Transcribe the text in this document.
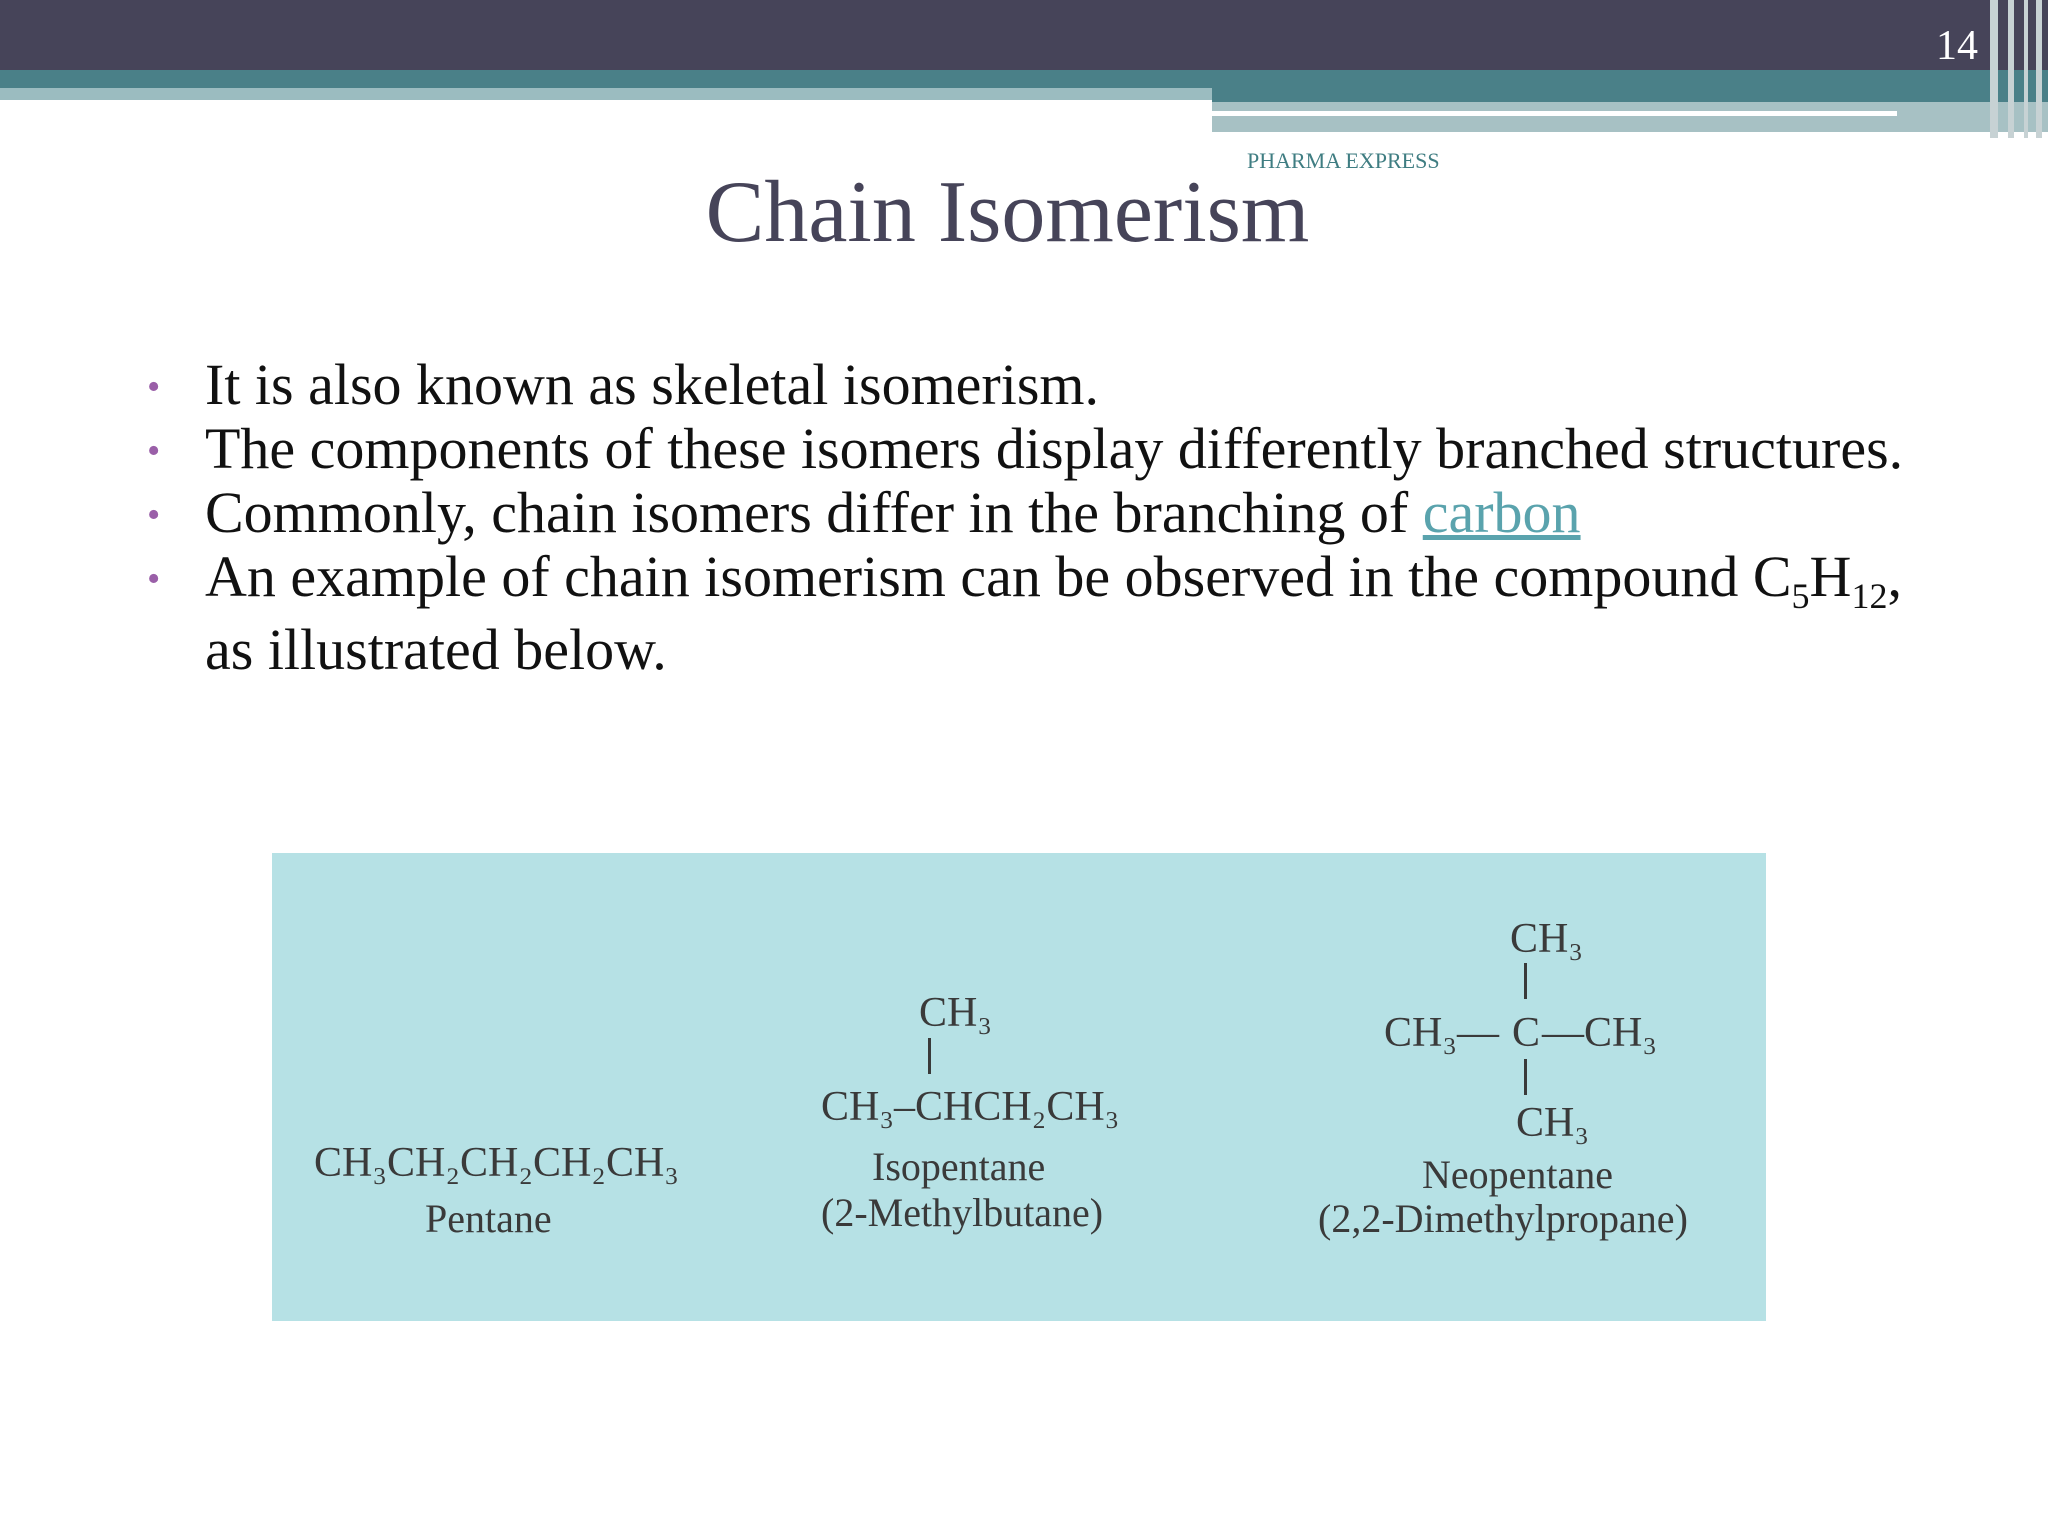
14
PHARMA EXPRESS
Chain Isomerism
• It is also known as skeletal isomerism.
• The components of these isomers display differently branched structures.
• Commonly, chain isomers differ in the branching of carbon
• An example of chain isomerism can be observed in the compound $C_5H_{12}$, as illustrated below.
CH₃CH₂CH₂CH₂CH₃
Pentane
CH₃
CH₃–CHCH₂CH₃
Isopentane
(2-Methylbutane)
CH₃
CH₃— C —CH₃
CH₃
Neopentane
(2,2-Dimethylpropane)
